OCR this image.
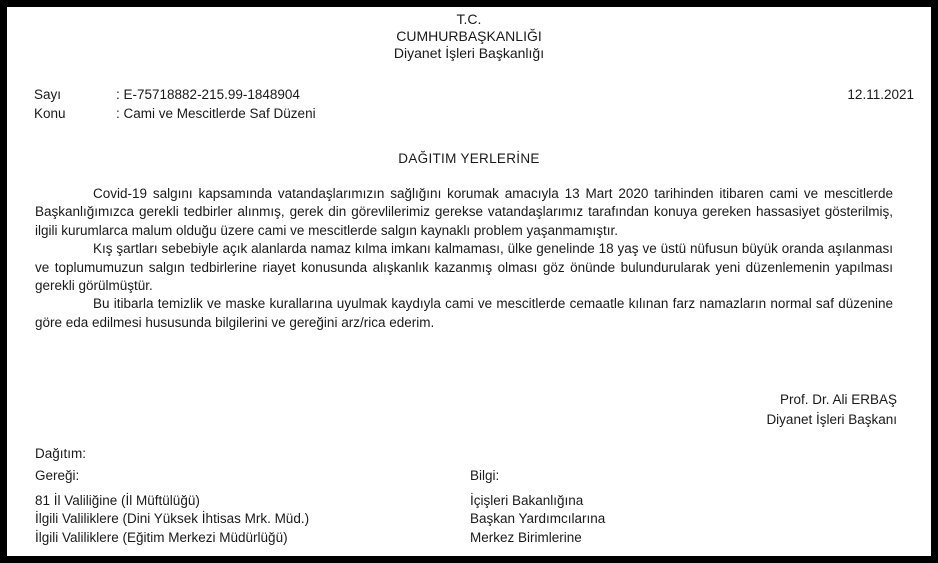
T.C.
CUMHURBAŞKANLIĞI
Diyanet İşleri Başkanlığı
Sayı	: E-75718882-215.99-1848904	12.11.2021
Konu	: Cami ve Mescitlerde Saf Düzeni
DAĞITIM YERLERİNE

Covid-19 salgını kapsamında vatandaşlarımızın sağlığını korumak amacıyla 13 Mart 2020 tarihinden itibaren cami ve mescitlerde Başkanlığımızca gerekli tedbirler alınmış, gerek din görevlilerimiz gerekse vatandaşlarımız tarafından konuya gereken hassasiyet gösterilmiş, ilgili kurumlarca malum olduğu üzere cami ve mescitlerde salgın kaynaklı problem yaşanmamıştır.

Kış şartları sebebiyle açık alanlarda namaz kılma imkanı kalmaması, ülke genelinde 18 yaş ve üstü nüfusun büyük oranda aşılanması ve toplumumuzun salgın tedbirlerine riayet konusunda alışkanlık kazanmış olması göz önünde bulundurularak yeni düzenlemenin yapılması gerekli görülmüştür.

Bu itibarla temizlik ve maske kurallarına uyulmak kaydıyla cami ve mescitlerde cemaatle kılınan farz namazların normal saf düzenine göre eda edilmesi hususunda bilgilerini ve gereğini arz/rica ederim.

Prof. Dr. Ali ERBAŞ
Diyanet İşleri Başkanı
Dağıtım:
Gereği:
81 İl Valiliğine (İl Müftülüğü)
İlgili Valiliklere (Dini Yüksek İhtisas Mrk. Müd.)
İlgili Valiliklere (Eğitim Merkezi Müdürlüğü)
Bilgi:
İçişleri Bakanlığına
Başkan Yardımcılarına
Merkez Birimlerine
